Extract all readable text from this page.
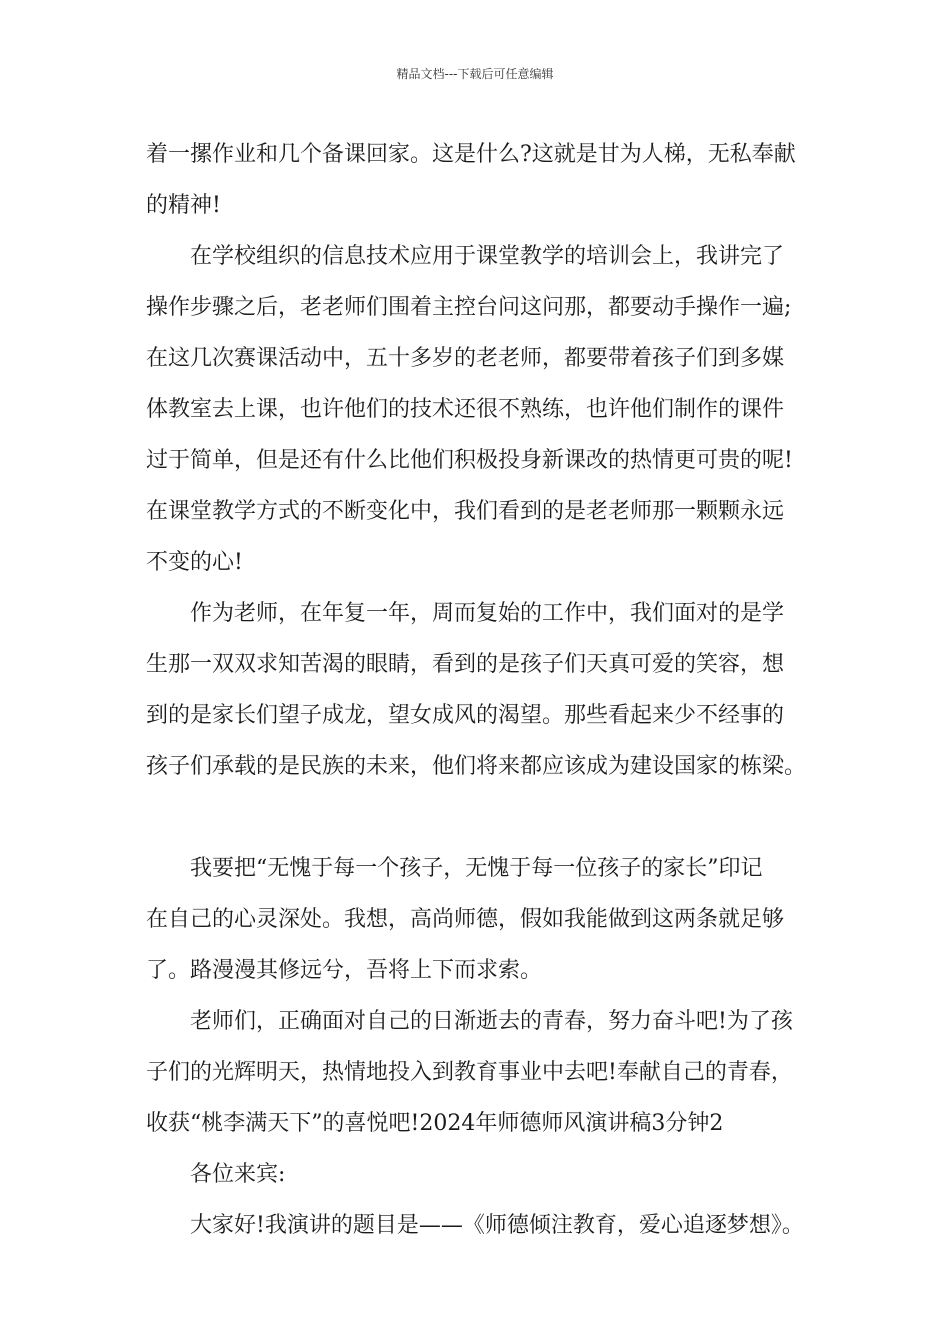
精品文档---下载后可任意编辑
着一摞作业和几个备课回家。这是什么?这就是甘为人梯，无私奉献
的精神!
在学校组织的信息技术应用于课堂教学的培训会上，我讲完了
操作步骤之后，老老师们围着主控台问这问那，都要动手操作一遍;
在这几次赛课活动中，五十多岁的老老师，都要带着孩子们到多媒
体教室去上课，也许他们的技术还很不熟练，也许他们制作的课件
过于简单，但是还有什么比他们积极投身新课改的热情更可贵的呢!
在课堂教学方式的不断变化中，我们看到的是老老师那一颗颗永远
不变的心!
作为老师，在年复一年，周而复始的工作中，我们面对的是学
生那一双双求知苦渴的眼睛，看到的是孩子们天真可爱的笑容，想
到的是家长们望子成龙，望女成风的渴望。那些看起来少不经事的
孩子们承载的是民族的未来，他们将来都应该成为建设国家的栋梁。
我要把“无愧于每一个孩子，无愧于每一位孩子的家长”印记
在自己的心灵深处。我想，高尚师德，假如我能做到这两条就足够
了。路漫漫其修远兮，吾将上下而求索。
老师们，正确面对自己的日渐逝去的青春，努力奋斗吧!为了孩
子们的光辉明天，热情地投入到教育事业中去吧!奉献自己的青春，
收获“桃李满天下”的喜悦吧!2024年师德师风演讲稿3分钟2
各位来宾:
大家好!我演讲的题目是——《师德倾注教育，爱心追逐梦想》。
